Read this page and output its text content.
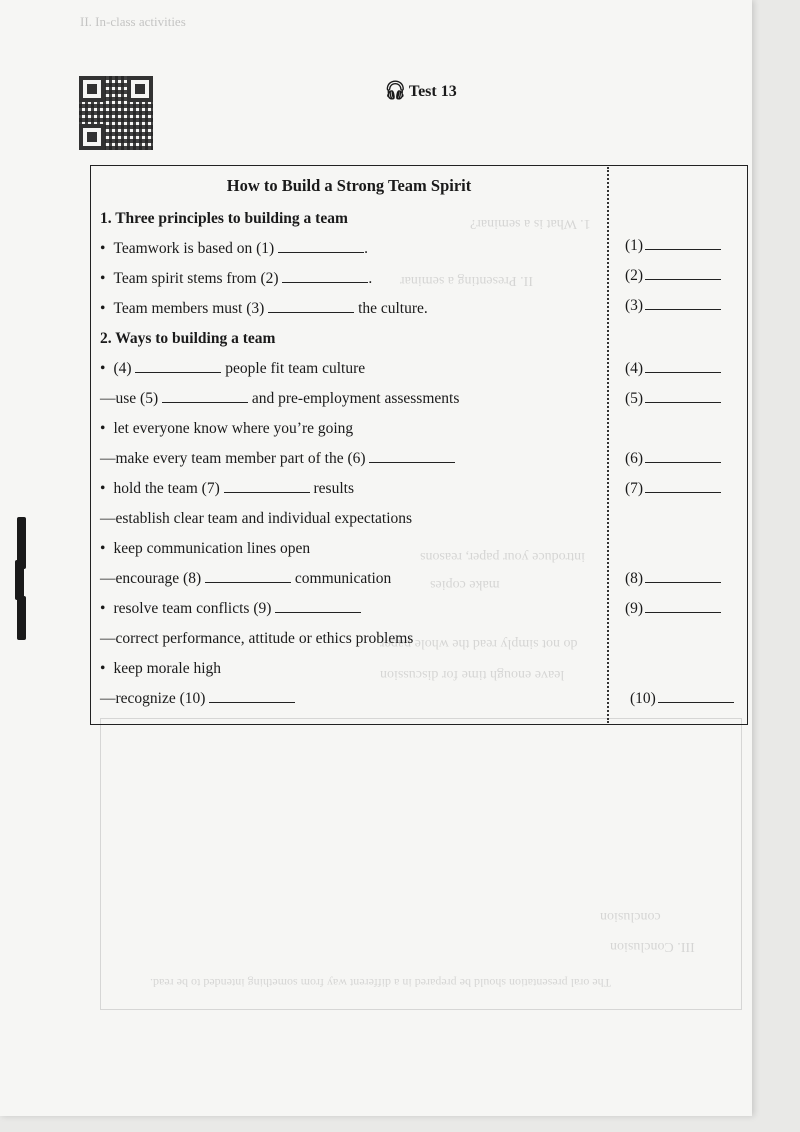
II. In-class activities
1. What is a seminar?
II. Presenting a seminar
introduce your paper, reasons
make copies
do not simply read the whole paper
leave enough time for discussion
conclusion
III. Conclusion
The oral presentation should be prepared in a different way from something intended to be read.
🎧︎ Test 13
How to Build a Strong Team Spirit
1. Three principles to building a team
• Teamwork is based on (1)	.
• Team spirit stems from (2)	.
• Team members must (3)	the culture.
2. Ways to building a team
• (4)	people fit team culture
—use (5)	and pre-employment assessments
• let everyone know where you’re going
—make every team member part of the (6)
• hold the team (7)	results
—establish clear team and individual expectations
• keep communication lines open
—encourage (8)	communication
• resolve team conflicts (9)
—correct performance, attitude or ethics problems
• keep morale high
—recognize (10)
(1)
(2)
(3)
(4)
(5)
(6)
(7)
(8)
(9)
(10)
